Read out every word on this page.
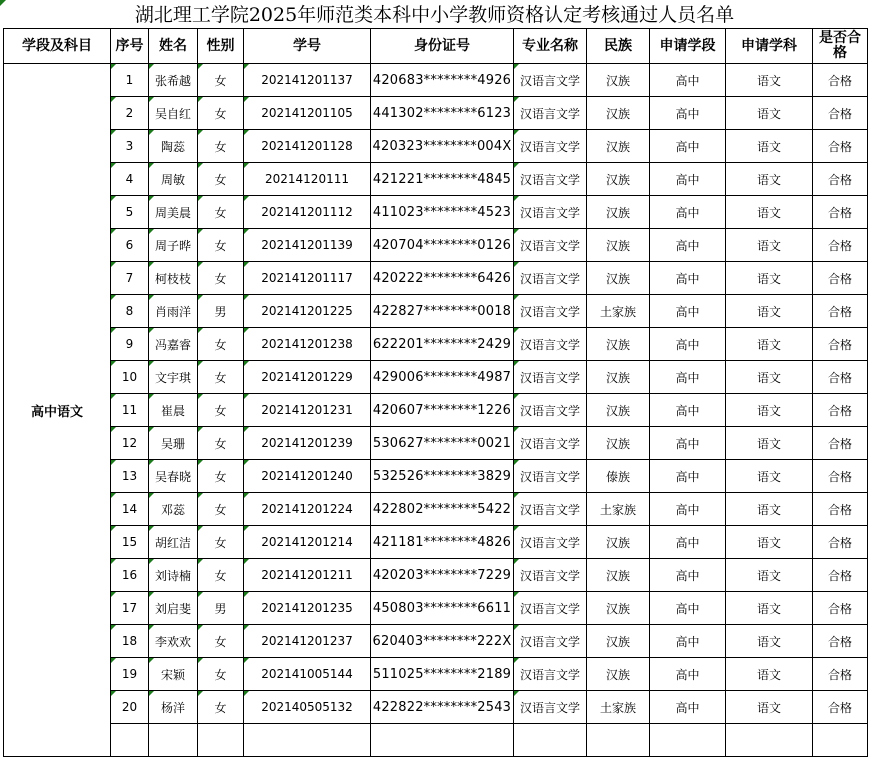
湖北理工学院2025年师范类本科中小学教师资格认定考核通过人员名单
学段及科目	序号	姓名	性别	学号	身份证号	专业名称	民族	申请学段	申请学科	是否合格
高中语文	1	张希越	女	202141201137	420683********4926	汉语言文学	汉族	高中	语文	合格
	2	吴自红	女	202141201105	441302********6123	汉语言文学	汉族	高中	语文	合格
	3	陶蕊	女	202141201128	420323********004X	汉语言文学	汉族	高中	语文	合格
	4	周敏	女	20214120111	421221********4845	汉语言文学	汉族	高中	语文	合格
	5	周美晨	女	202141201112	411023********4523	汉语言文学	汉族	高中	语文	合格
	6	周子晔	女	202141201139	420704********0126	汉语言文学	汉族	高中	语文	合格
	7	柯枝枝	女	202141201117	420222********6426	汉语言文学	汉族	高中	语文	合格
	8	肖雨洋	男	202141201225	422827********0018	汉语言文学	土家族	高中	语文	合格
	9	冯嘉睿	女	202141201238	622201********2429	汉语言文学	汉族	高中	语文	合格
	10	文宇琪	女	202141201229	429006********4987	汉语言文学	汉族	高中	语文	合格
	11	崔晨	女	202141201231	420607********1226	汉语言文学	汉族	高中	语文	合格
	12	吴珊	女	202141201239	530627********0021	汉语言文学	汉族	高中	语文	合格
	13	吴春晓	女	202141201240	532526********3829	汉语言文学	傣族	高中	语文	合格
	14	邓蕊	女	202141201224	422802********5422	汉语言文学	土家族	高中	语文	合格
	15	胡红洁	女	202141201214	421181********4826	汉语言文学	汉族	高中	语文	合格
	16	刘诗楠	女	202141201211	420203********7229	汉语言文学	汉族	高中	语文	合格
	17	刘启斐	男	202141201235	450803********6611	汉语言文学	汉族	高中	语文	合格
	18	李欢欢	女	202141201237	620403********222X	汉语言文学	汉族	高中	语文	合格
	19	宋颖	女	202141005144	511025********2189	汉语言文学	汉族	高中	语文	合格
	20	杨洋	女	202140505132	422822********2543	汉语言文学	土家族	高中	语文	合格
